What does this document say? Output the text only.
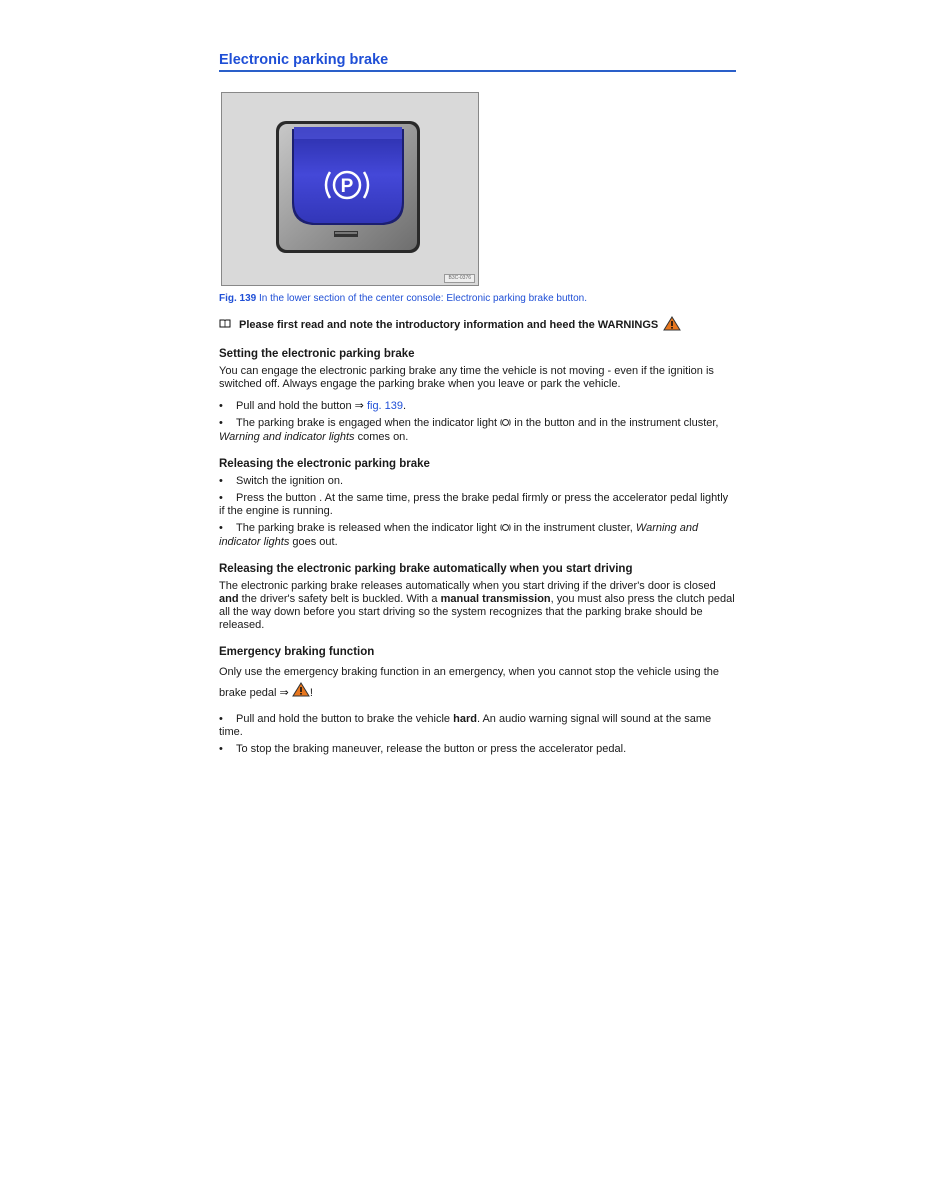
Electronic parking brake
P
B3C-0376
Fig. 139 In the lower section of the center console: Electronic parking brake button.
Please first read and note the introductory information and heed the WARNINGS
Setting the electronic parking brake

You can engage the electronic parking brake any time the vehicle is not moving - even if the ignition is switched off. Always engage the parking brake when you leave or park the vehicle.

• Pull and hold the button ⇒ fig. 139.
• The parking brake is engaged when the indicator light in the button and in the instrument cluster, Warning and indicator lights comes on.
Releasing the electronic parking brake
• Switch the ignition on.
• Press the button . At the same time, press the brake pedal firmly or press the accelerator pedal lightly if the engine is running.
• The parking brake is released when the indicator light in the instrument cluster, Warning and indicator lights goes out.
Releasing the electronic parking brake automatically when you start driving

The electronic parking brake releases automatically when you start driving if the driver's door is closed and the driver's safety belt is buckled. With a manual transmission, you must also press the clutch pedal all the way down before you start driving so the system recognizes that the parking brake should be released.

Emergency braking function

Only use the emergency braking function in an emergency, when you cannot stop the vehicle using the brake pedal ⇒ !

• Pull and hold the button to brake the vehicle hard. An audio warning signal will sound at the same time.
• To stop the braking maneuver, release the button or press the accelerator pedal.
